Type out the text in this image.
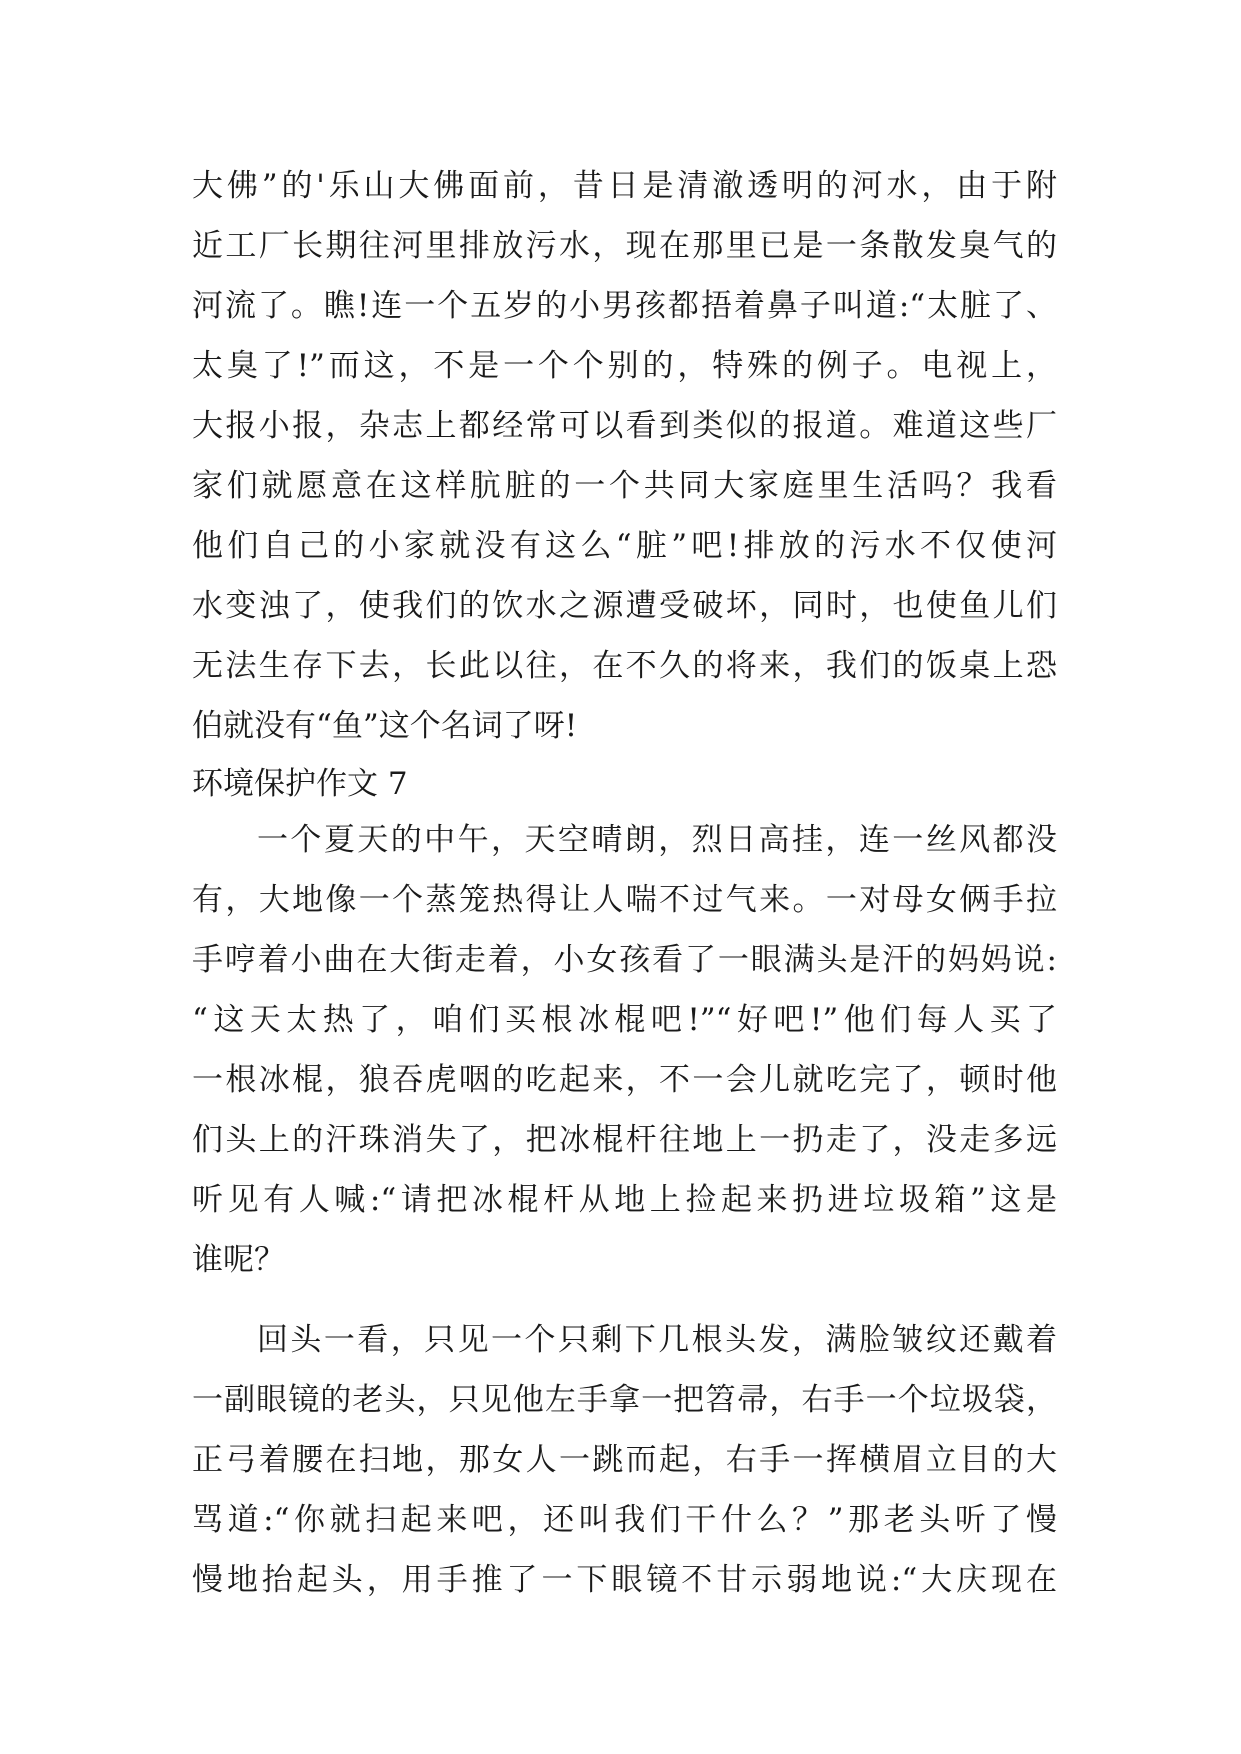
大佛”的'乐山大佛面前，昔日是清澈透明的河水，由于附
近工厂长期往河里排放污水，现在那里已是一条散发臭气的
河流了。瞧!连一个五岁的小男孩都捂着鼻子叫道:“太脏了、
太臭了!”而这，不是一个个别的，特殊的例子。电视上，
大报小报，杂志上都经常可以看到类似的报道。难道这些厂
家们就愿意在这样肮脏的一个共同大家庭里生活吗？我看
他们自己的小家就没有这么“脏”吧!排放的污水不仅使河
水变浊了，使我们的饮水之源遭受破坏，同时，也使鱼儿们
无法生存下去，长此以往，在不久的将来，我们的饭桌上恐
伯就没有“鱼”这个名词了呀!
环境保护作文 7
一个夏天的中午，天空晴朗，烈日高挂，连一丝风都没
有，大地像一个蒸笼热得让人喘不过气来。一对母女俩手拉
手哼着小曲在大街走着，小女孩看了一眼满头是汗的妈妈说:
“这天太热了，咱们买根冰棍吧!”“好吧!”他们每人买了
一根冰棍，狼吞虎咽的吃起来，不一会儿就吃完了，顿时他
们头上的汗珠消失了，把冰棍杆往地上一扔走了，没走多远
听见有人喊:“请把冰棍杆从地上捡起来扔进垃圾箱”这是
谁呢？
回头一看，只见一个只剩下几根头发，满脸皱纹还戴着
一副眼镜的老头，只见他左手拿一把笤帚，右手一个垃圾袋，
正弓着腰在扫地，那女人一跳而起，右手一挥横眉立目的大
骂道:“你就扫起来吧，还叫我们干什么？”那老头听了慢
慢地抬起头，用手推了一下眼镜不甘示弱地说:“大庆现在
